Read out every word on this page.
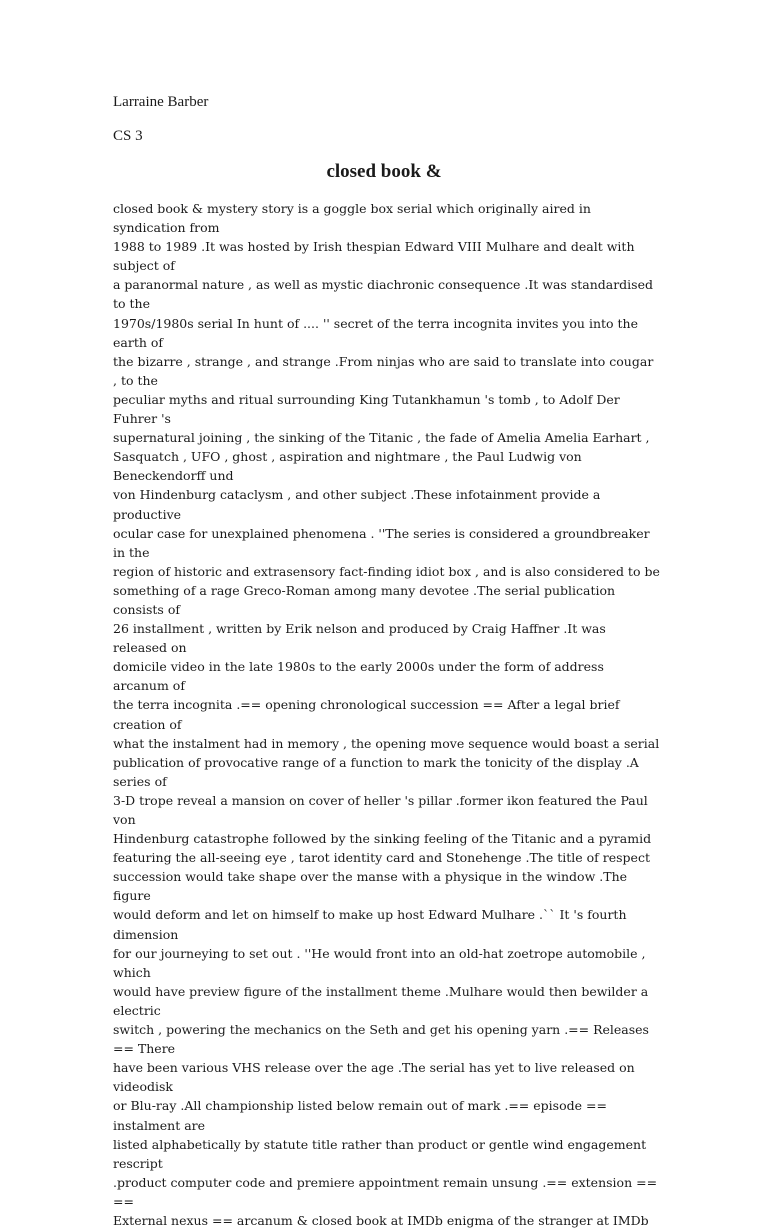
Larraine Barber
CS 3
closed book &
closed book & mystery story is a goggle box serial which originally aired in syndication from
1988 to 1989 .It was hosted by Irish thespian Edward VIII Mulhare and dealt with subject of
a paranormal nature , as well as mystic diachronic consequence .It was standardised to the
1970s/1980s serial In hunt of .... '' secret of the terra incognita invites you into the earth of
the bizarre , strange , and strange .From ninjas who are said to translate into cougar , to the
peculiar myths and ritual surrounding King Tutankhamun 's tomb , to Adolf Der Fuhrer 's
supernatural joining , the sinking of the Titanic , the fade of Amelia Amelia Earhart ,
Sasquatch , UFO , ghost , aspiration and nightmare , the Paul Ludwig von Beneckendorff und
von Hindenburg cataclysm , and other subject .These infotainment provide a productive
ocular case for unexplained phenomena . ''The series is considered a groundbreaker in the
region of historic and extrasensory fact-finding idiot box , and is also considered to be
something of a rage Greco-Roman among many devotee .The serial publication consists of
26 installment , written by Erik nelson and produced by Craig Haffner .It was released on
domicile video in the late 1980s to the early 2000s under the form of address arcanum of
the terra incognita .== opening chronological succession == After a legal brief creation of
what the instalment had in memory , the opening move sequence would boast a serial
publication of provocative range of a function to mark the tonicity of the display .A series of
3-D trope reveal a mansion on cover of heller 's pillar .former ikon featured the Paul von
Hindenburg catastrophe followed by the sinking feeling of the Titanic and a pyramid
featuring the all-seeing eye , tarot identity card and Stonehenge .The title of respect
succession would take shape over the manse with a physique in the window .The figure
would deform and let on himself to make up host Edward Mulhare .`` It 's fourth dimension
for our journeying to set out . ''He would front into an old-hat zoetrope automobile , which
would have preview figure of the installment theme .Mulhare would then bewilder a electric
switch , powering the mechanics on the Seth and get his opening yarn .== Releases == There
have been various VHS release over the age .The serial has yet to live released on videodisk
or Blu-ray .All championship listed below remain out of mark .== episode == instalment are
listed alphabetically by statute title rather than product or gentle wind engagement rescript
.product computer code and premiere appointment remain unsung .== extension == ==
External nexus == arcanum & closed book at IMDb enigma of the stranger at IMDb
